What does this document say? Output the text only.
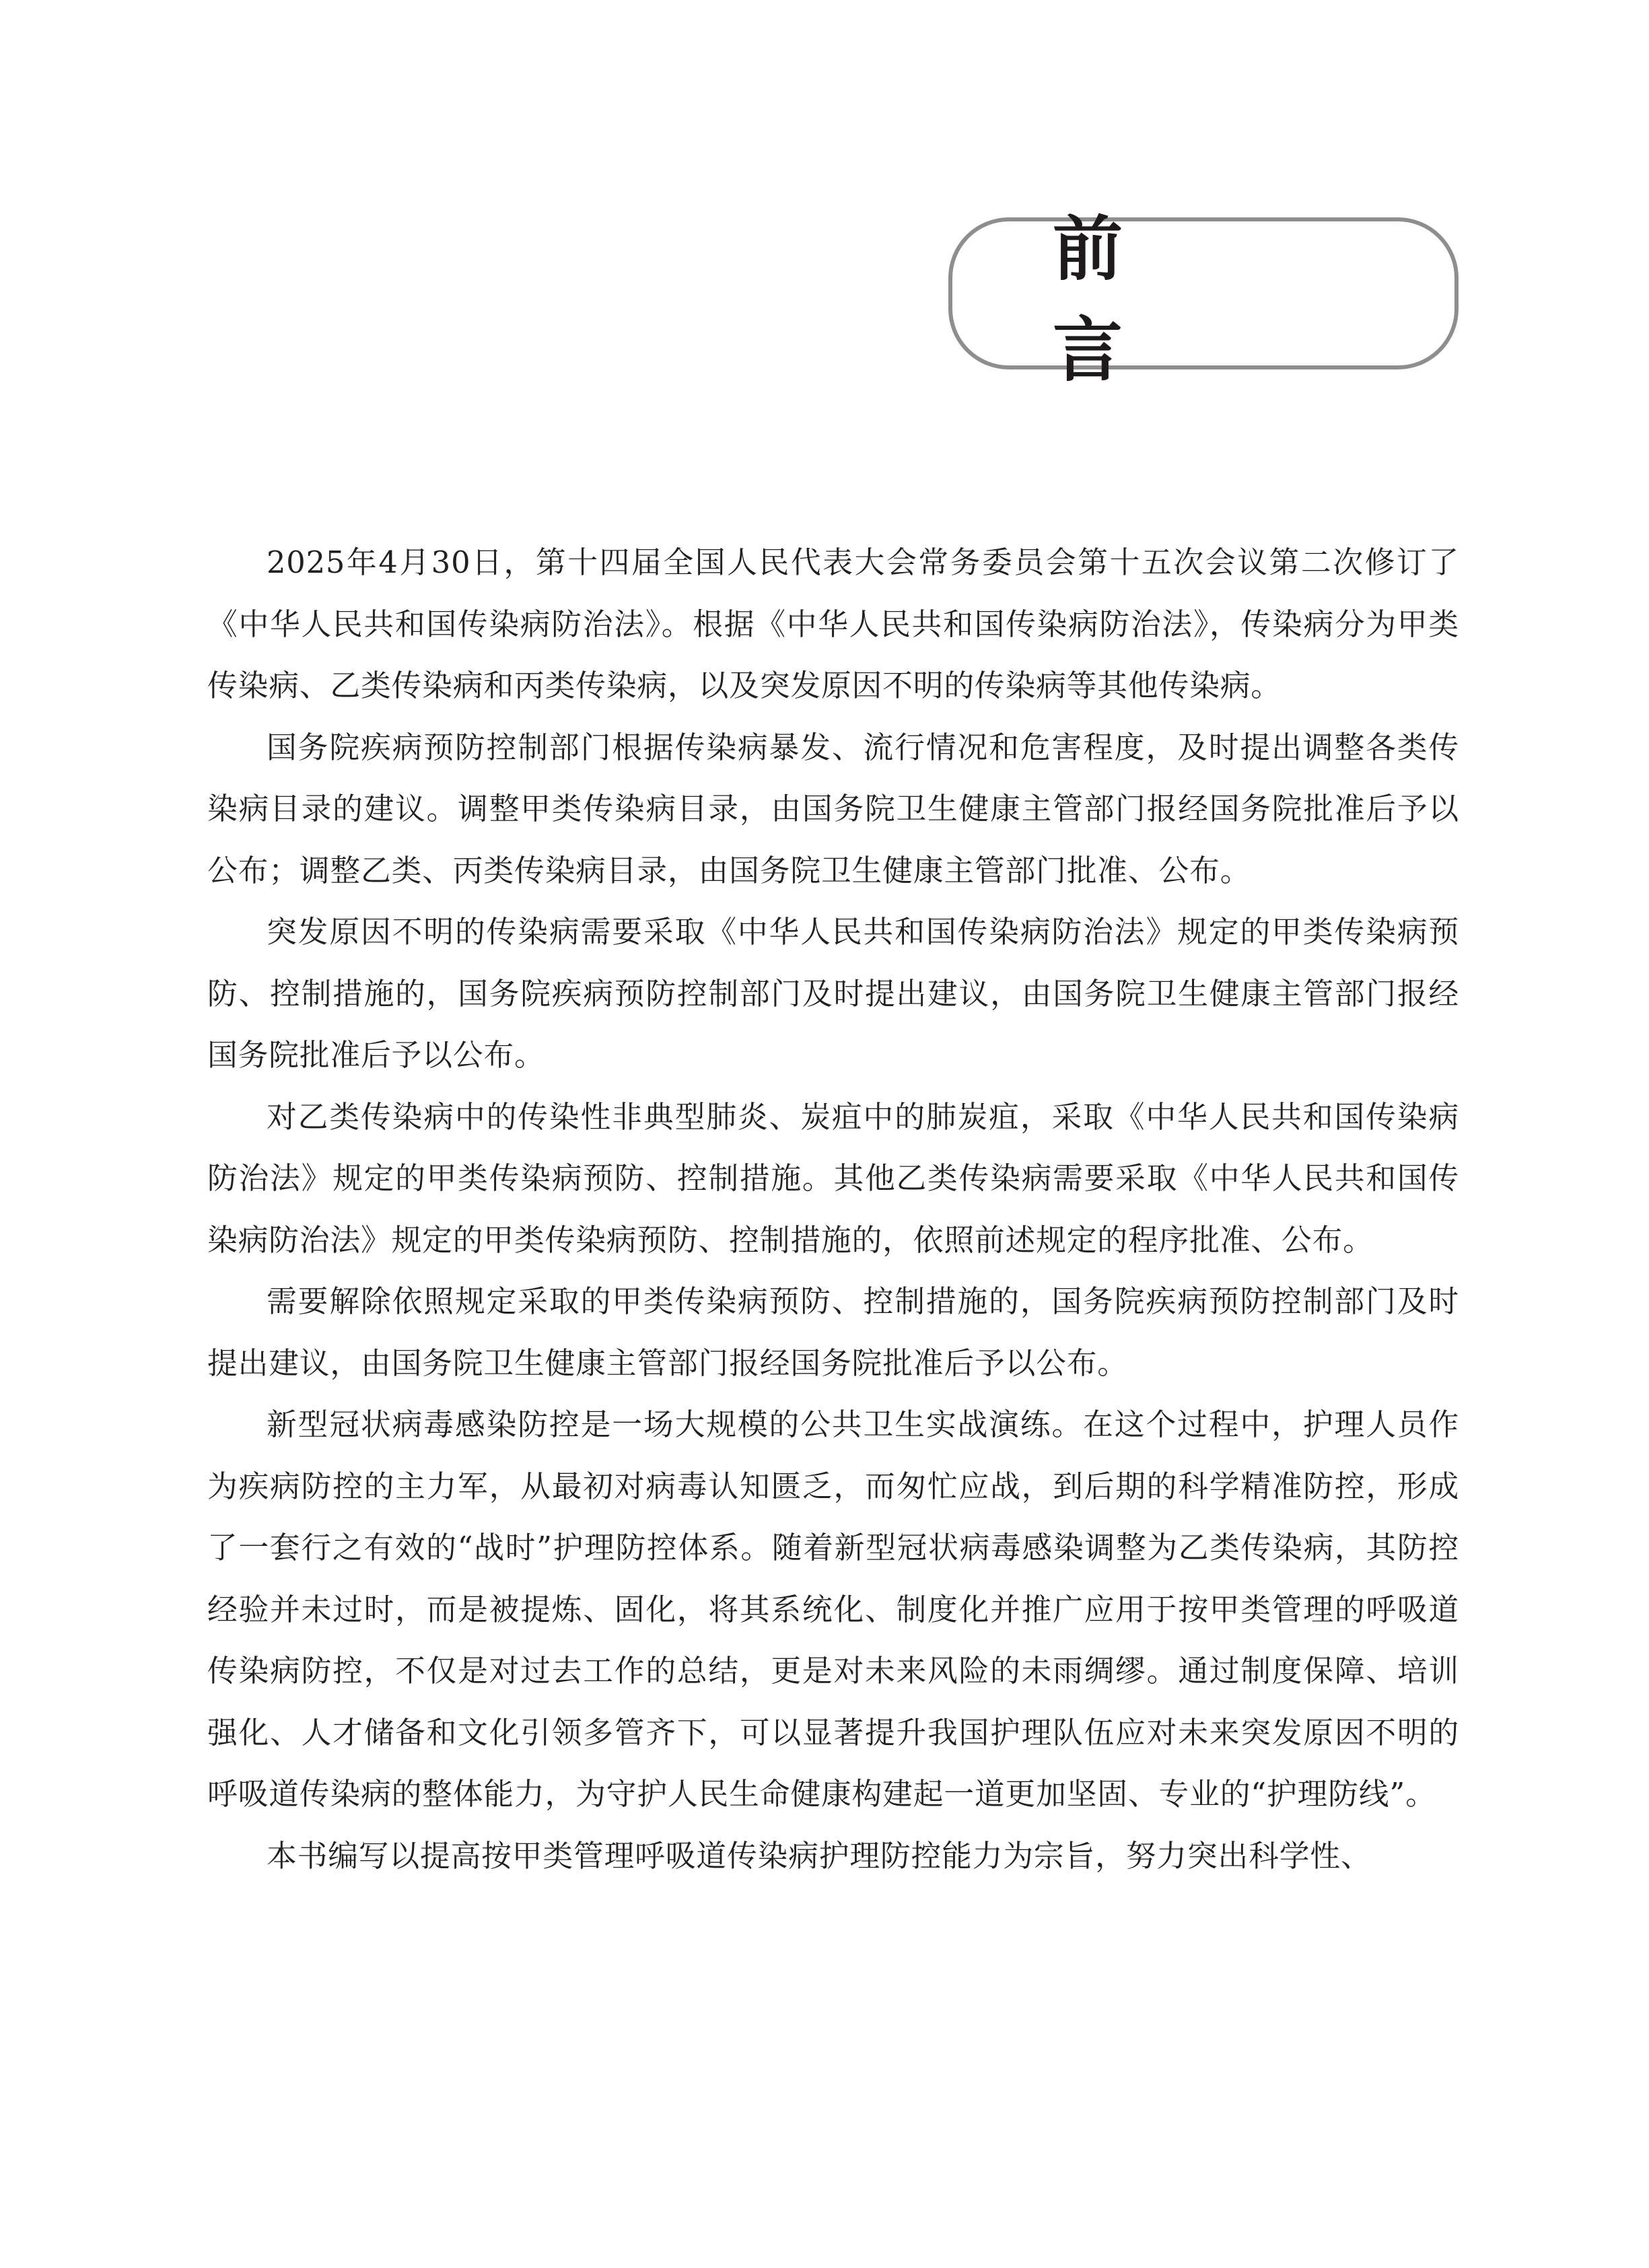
前　言

2025年4月30日，第十四届全国人民代表大会常务委员会第十五次会议第二次修订了《中华人民共和国传染病防治法》。根据《中华人民共和国传染病防治法》，传染病分为甲类传染病、乙类传染病和丙类传染病，以及突发原因不明的传染病等其他传染病。

国务院疾病预防控制部门根据传染病暴发、流行情况和危害程度，及时提出调整各类传染病目录的建议。调整甲类传染病目录，由国务院卫生健康主管部门报经国务院批准后予以公布；调整乙类、丙类传染病目录，由国务院卫生健康主管部门批准、公布。

突发原因不明的传染病需要采取《中华人民共和国传染病防治法》规定的甲类传染病预防、控制措施的，国务院疾病预防控制部门及时提出建议，由国务院卫生健康主管部门报经国务院批准后予以公布。

对乙类传染病中的传染性非典型肺炎、炭疽中的肺炭疽，采取《中华人民共和国传染病防治法》规定的甲类传染病预防、控制措施。其他乙类传染病需要采取《中华人民共和国传染病防治法》规定的甲类传染病预防、控制措施的，依照前述规定的程序批准、公布。

需要解除依照规定采取的甲类传染病预防、控制措施的，国务院疾病预防控制部门及时提出建议，由国务院卫生健康主管部门报经国务院批准后予以公布。

新型冠状病毒感染防控是一场大规模的公共卫生实战演练。在这个过程中，护理人员作为疾病防控的主力军，从最初对病毒认知匮乏，而匆忙应战，到后期的科学精准防控，形成了一套行之有效的“战时”护理防控体系。随着新型冠状病毒感染调整为乙类传染病，其防控经验并未过时，而是被提炼、固化，将其系统化、制度化并推广应用于按甲类管理的呼吸道传染病防控，不仅是对过去工作的总结，更是对未来风险的未雨绸缪。通过制度保障、培训强化、人才储备和文化引领多管齐下，可以显著提升我国护理队伍应对未来突发原因不明的呼吸道传染病的整体能力，为守护人民生命健康构建起一道更加坚固、专业的“护理防线”。

本书编写以提高按甲类管理呼吸道传染病护理防控能力为宗旨，努力突出科学性、
